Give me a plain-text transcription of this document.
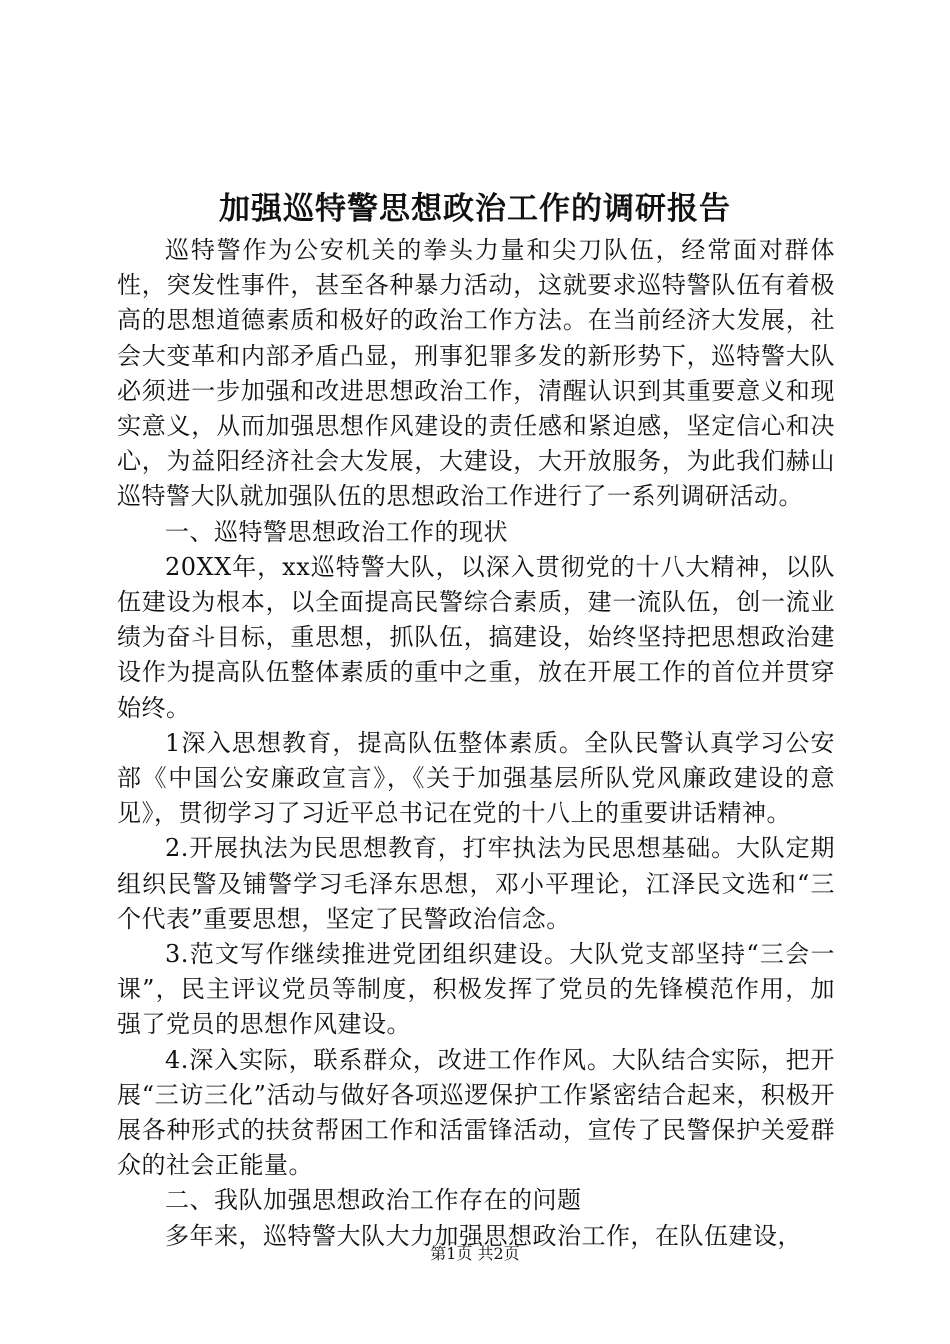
加强巡特警思想政治工作的调研报告

巡特警作为公安机关的拳头力量和尖刀队伍，经常面对群体性，突发性事件，甚至各种暴力活动，这就要求巡特警队伍有着极高的思想道德素质和极好的政治工作方法。在当前经济大发展，社会大变革和内部矛盾凸显，刑事犯罪多发的新形势下，巡特警大队必须进一步加强和改进思想政治工作，清醒认识到其重要意义和现实意义，从而加强思想作风建设的责任感和紧迫感，坚定信心和决心，为益阳经济社会大发展，大建设，大开放服务，为此我们赫山巡特警大队就加强队伍的思想政治工作进行了一系列调研活动。

一、巡特警思想政治工作的现状

20XX年，xx巡特警大队，以深入贯彻党的十八大精神，以队伍建设为根本，以全面提高民警综合素质，建一流队伍，创一流业绩为奋斗目标，重思想，抓队伍，搞建设，始终坚持把思想政治建设作为提高队伍整体素质的重中之重，放在开展工作的首位并贯穿始终。

1深入思想教育，提高队伍整体素质。全队民警认真学习公安部《中国公安廉政宣言》，《关于加强基层所队党风廉政建设的意见》，贯彻学习了习近平总书记在党的十八上的重要讲话精神。

2.开展执法为民思想教育，打牢执法为民思想基础。大队定期组织民警及铺警学习毛泽东思想，邓小平理论，江泽民文选和“三个代表”重要思想，坚定了民警政治信念。

3.范文写作继续推进党团组织建设。大队党支部坚持“三会一课”，民主评议党员等制度，积极发挥了党员的先锋模范作用，加强了党员的思想作风建设。

4.深入实际，联系群众，改进工作作风。大队结合实际，把开展“三访三化”活动与做好各项巡逻保护工作紧密结合起来，积极开展各种形式的扶贫帮困工作和活雷锋活动，宣传了民警保护关爱群众的社会正能量。

二、我队加强思想政治工作存在的问题

多年来，巡特警大队大力加强思想政治工作，在队伍建设，

第1页 共2页
